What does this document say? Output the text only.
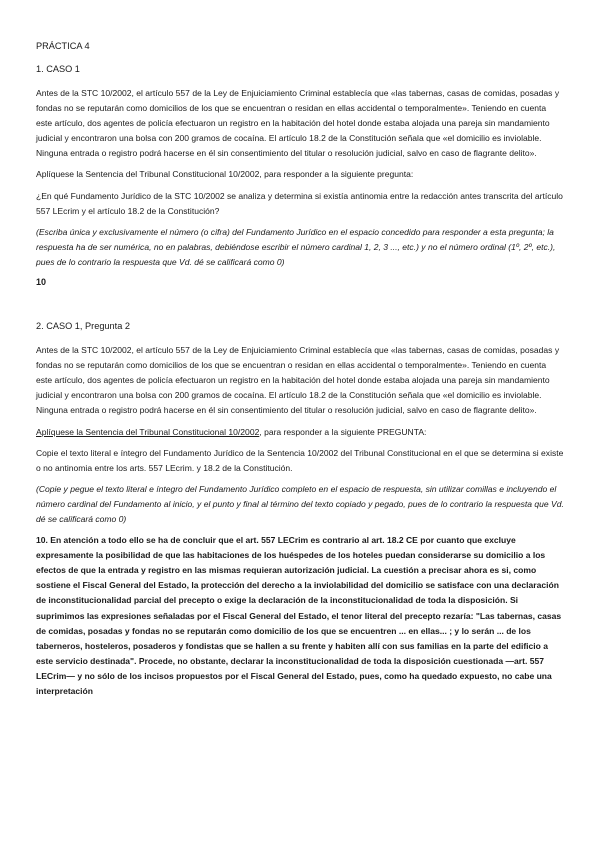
PRÁCTICA 4

1. CASO 1

Antes de la STC 10/2002, el artículo 557 de la Ley de Enjuiciamiento Criminal establecía que «las tabernas, casas de comidas, posadas y fondas no se reputarán como domicilios de los que se encuentran o residan en ellas accidental o temporalmente». Teniendo en cuenta este artículo, dos agentes de policía efectuaron un registro en la habitación del hotel donde estaba alojada una pareja sin mandamiento judicial y encontraron una bolsa con 200 gramos de cocaína. El artículo 18.2 de la Constitución señala que «el domicilio es inviolable. Ninguna entrada o registro podrá hacerse en él sin consentimiento del titular o resolución judicial, salvo en caso de flagrante delito».

Aplíquese la Sentencia del Tribunal Constitucional 10/2002, para responder a la siguiente pregunta:

¿En qué Fundamento Jurídico de la STC 10/2002 se analiza y determina si existía antinomia entre la redacción antes transcrita del artículo 557 LEcrim y el artículo 18.2 de la Constitución?

(Escriba única y exclusivamente el número (o cifra) del Fundamento Jurídico en el espacio concedido para responder a esta pregunta; la respuesta ha de ser numérica, no en palabras, debiéndose escribir el número cardinal 1, 2, 3 ..., etc.) y no el número ordinal (1º, 2º, etc.), pues de lo contrario la respuesta que Vd. dé se calificará como 0)

10

2. CASO 1, Pregunta 2

Antes de la STC 10/2002, el artículo 557 de la Ley de Enjuiciamiento Criminal establecía que «las tabernas, casas de comidas, posadas y fondas no se reputarán como domicilios de los que se encuentran o residan en ellas accidental o temporalmente». Teniendo en cuenta este artículo, dos agentes de policía efectuaron un registro en la habitación del hotel donde estaba alojada una pareja sin mandamiento judicial y encontraron una bolsa con 200 gramos de cocaína. El artículo 18.2 de la Constitución señala que «el domicilio es inviolable. Ninguna entrada o registro podrá hacerse en él sin consentimiento del titular o resolución judicial, salvo en caso de flagrante delito».

Aplíquese la Sentencia del Tribunal Constitucional 10/2002, para responder a la siguiente PREGUNTA:

Copie el texto literal e íntegro del Fundamento Jurídico de la Sentencia 10/2002 del Tribunal Constitucional en el que se determina si existe o no antinomia entre los arts. 557 LEcrim. y 18.2 de la Constitución.

(Copie y pegue el texto literal e íntegro del Fundamento Jurídico completo en el espacio de respuesta, sin utilizar comillas e incluyendo el número cardinal del Fundamento al inicio, y el punto y final al término del texto copiado y pegado, pues de lo contrario la respuesta que Vd. dé se calificará como 0)

10. En atención a todo ello se ha de concluir que el art. 557 LECrim es contrario al art. 18.2 CE por cuanto que excluye expresamente la posibilidad de que las habitaciones de los huéspedes de los hoteles puedan considerarse su domicilio a los efectos de que la entrada y registro en las mismas requieran autorización judicial. La cuestión a precisar ahora es si, como sostiene el Fiscal General del Estado, la protección del derecho a la inviolabilidad del domicilio se satisface con una declaración de inconstitucionalidad parcial del precepto o exige la declaración de la inconstitucionalidad de toda la disposición. Si suprimimos las expresiones señaladas por el Fiscal General del Estado, el tenor literal del precepto rezaría: "Las tabernas, casas de comidas, posadas y fondas no se reputarán como domicilio de los que se encuentren ... en ellas... ; y lo serán ... de los taberneros, hosteleros, posaderos y fondistas que se hallen a su frente y habiten allí con sus familias en la parte del edificio a este servicio destinada". Procede, no obstante, declarar la inconstitucionalidad de toda la disposición cuestionada —art. 557 LECrim— y no sólo de los incisos propuestos por el Fiscal General del Estado, pues, como ha quedado expuesto, no cabe una interpretación
